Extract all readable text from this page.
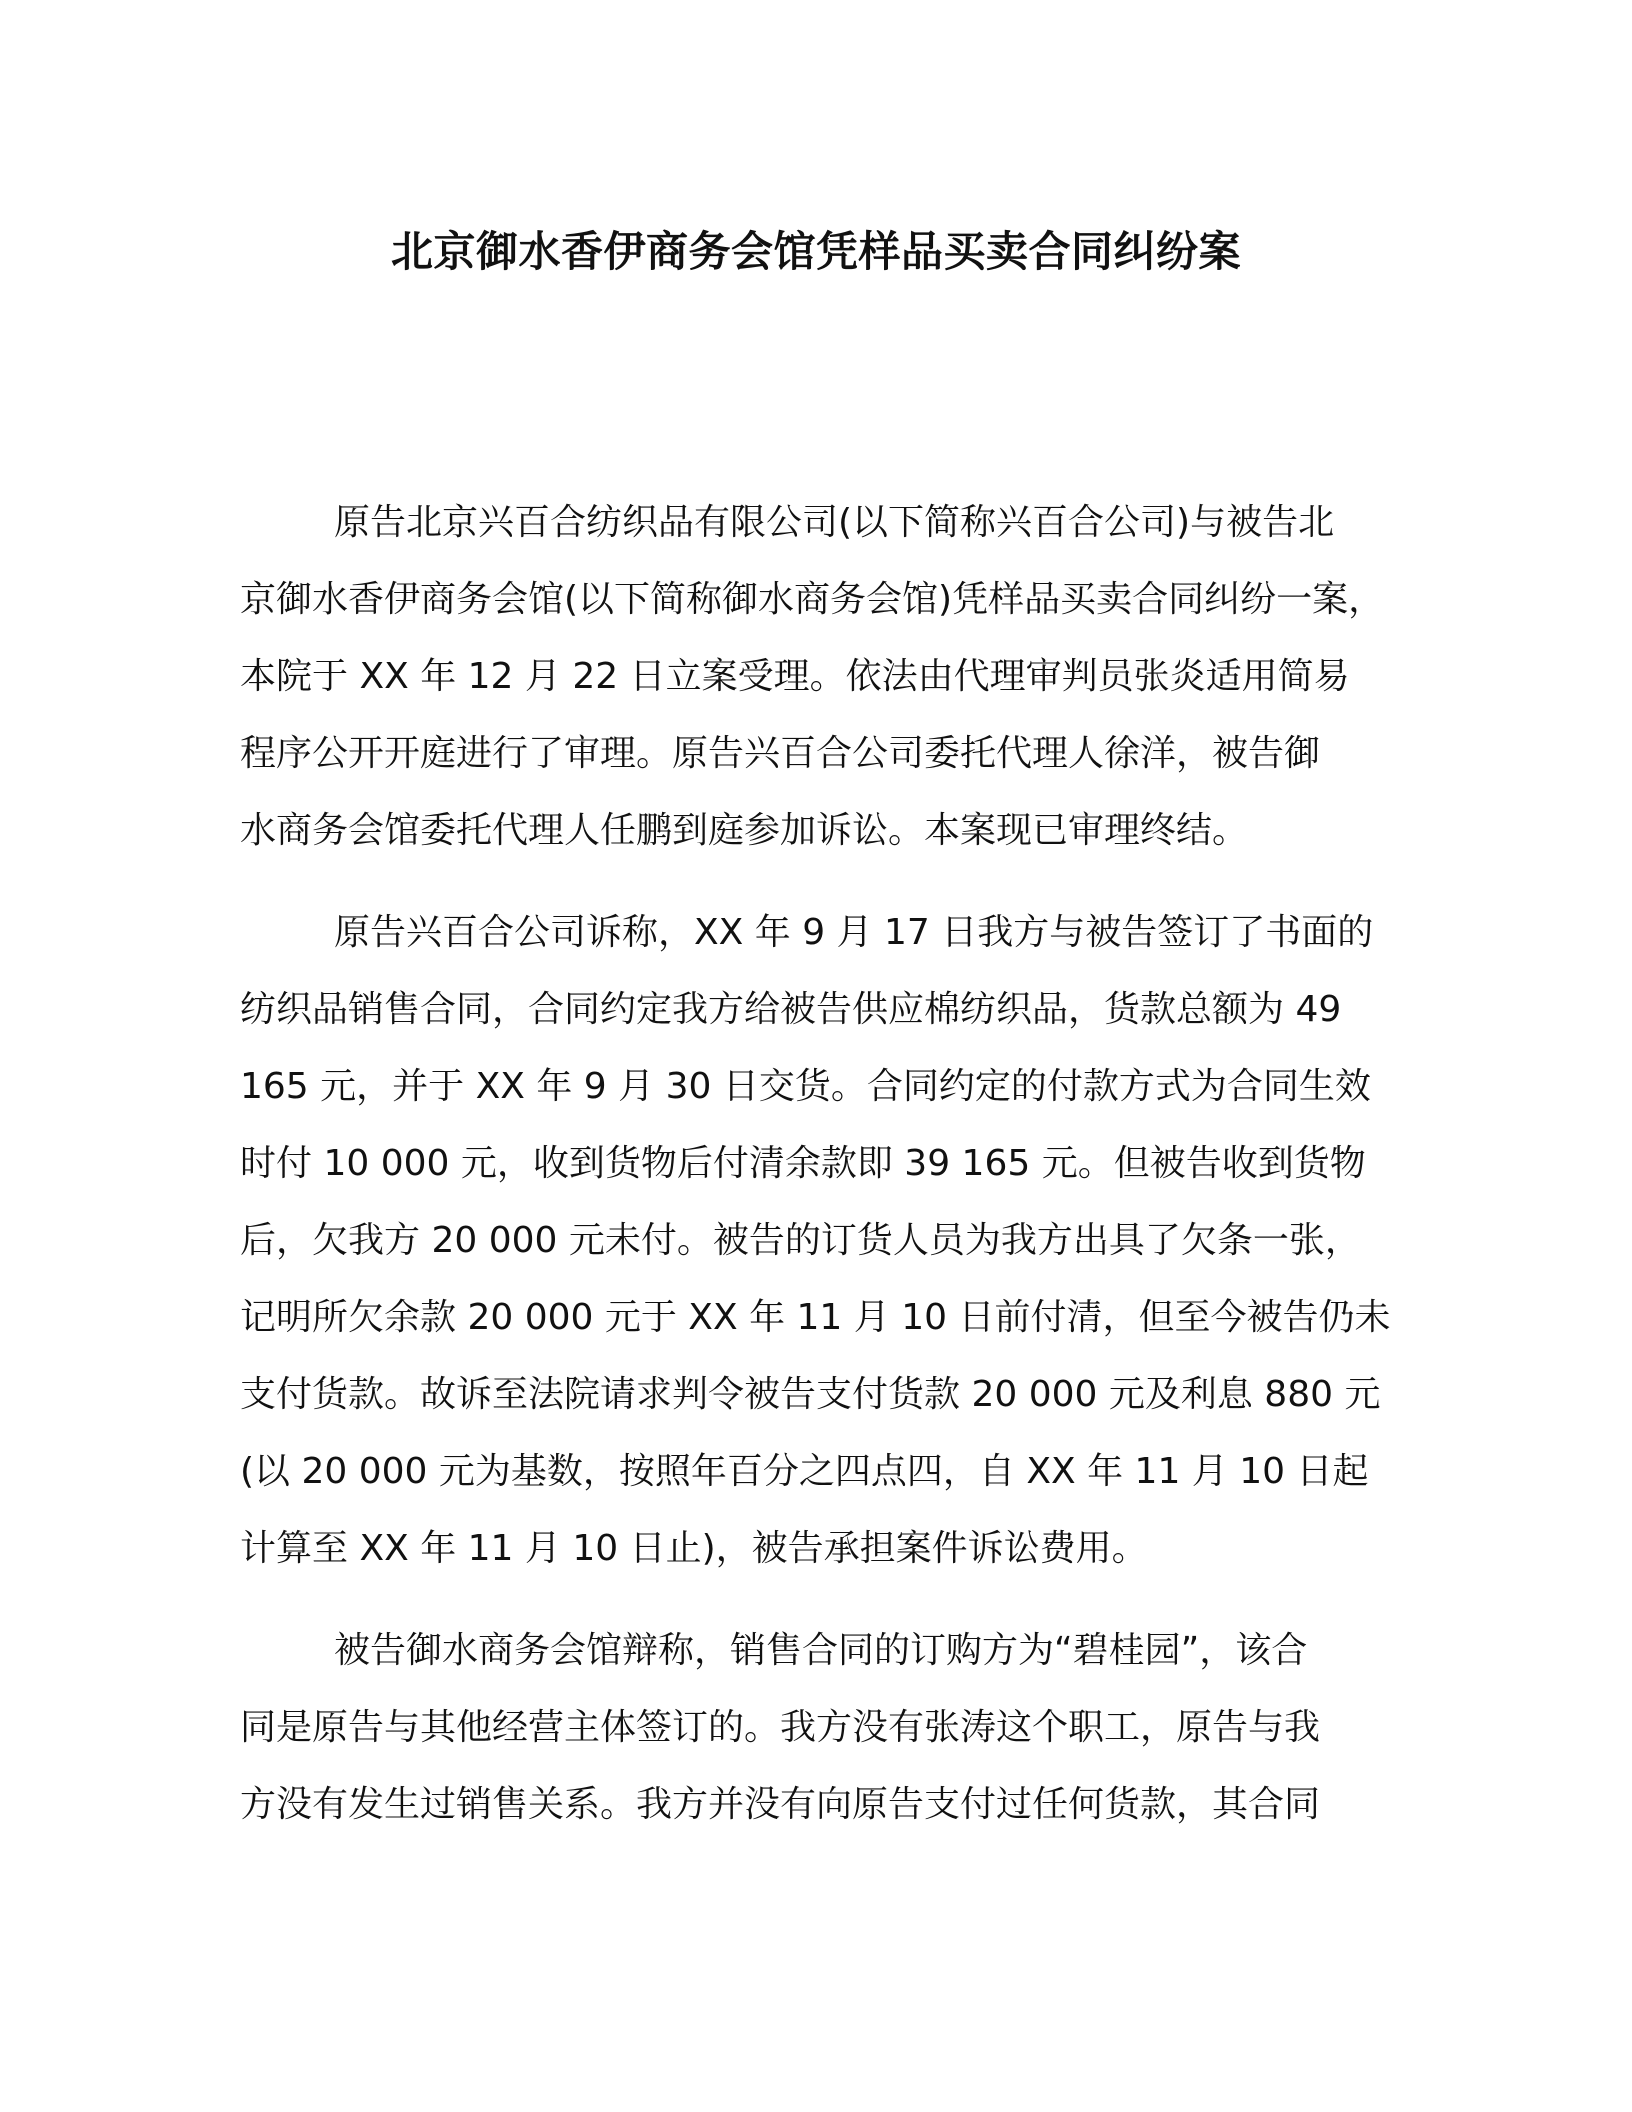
北京御水香伊商务会馆凭样品买卖合同纠纷案
原告北京兴百合纺织品有限公司(以下简称兴百合公司)与被告北
京御水香伊商务会馆(以下简称御水商务会馆)凭样品买卖合同纠纷一案，
本院于 XX 年 12 月 22 日立案受理。依法由代理审判员张炎适用简易
程序公开开庭进行了审理。原告兴百合公司委托代理人徐洋，被告御
水商务会馆委托代理人任鹏到庭参加诉讼。本案现已审理终结。
原告兴百合公司诉称，XX 年 9 月 17 日我方与被告签订了书面的
纺织品销售合同，合同约定我方给被告供应棉纺织品，货款总额为 49
165 元，并于 XX 年 9 月 30 日交货。合同约定的付款方式为合同生效
时付 10 000 元，收到货物后付清余款即 39 165 元。但被告收到货物
后，欠我方 20 000 元未付。被告的订货人员为我方出具了欠条一张，
记明所欠余款 20 000 元于 XX 年 11 月 10 日前付清，但至今被告仍未
支付货款。故诉至法院请求判令被告支付货款 20 000 元及利息 880 元
(以 20 000 元为基数，按照年百分之四点四，自 XX 年 11 月 10 日起
计算至 XX 年 11 月 10 日止)，被告承担案件诉讼费用。
被告御水商务会馆辩称，销售合同的订购方为“碧桂园”，该合
同是原告与其他经营主体签订的。我方没有张涛这个职工，原告与我
方没有发生过销售关系。我方并没有向原告支付过任何货款，其合同
